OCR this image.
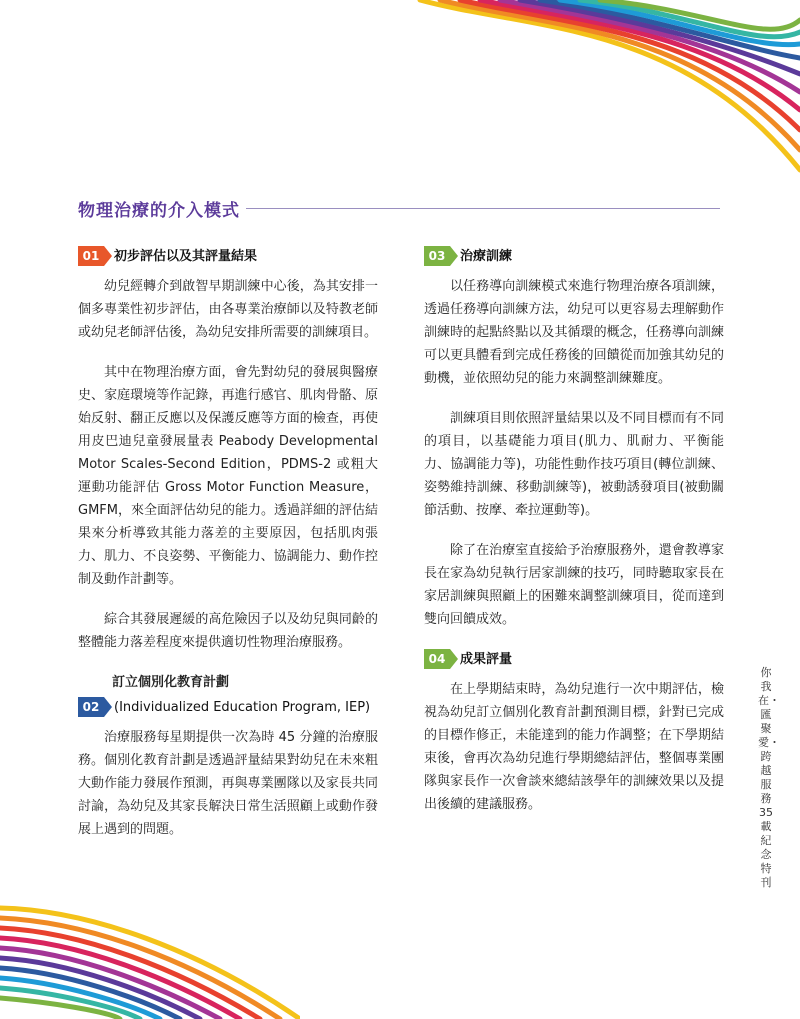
物理治療的介入模式
01	初步評估以及其評量結果

幼兒經轉介到啟智早期訓練中心後，為其安排一個多專業性初步評估，由各專業治療師以及特教老師或幼兒老師評估後，為幼兒安排所需要的訓練項目。

其中在物理治療方面，會先對幼兒的發展與醫療史、家庭環境等作記錄，再進行感官、肌肉骨骼、原始反射、翻正反應以及保護反應等方面的檢查，再使用皮巴迪兒童發展量表 Peabody Developmental Motor Scales-Second Edition，PDMS-2 或粗大運動功能評估 Gross Motor Function Measure，GMFM，來全面評估幼兒的能力。透過詳細的評估結果來分析導致其能力落差的主要原因，包括肌肉張力、肌力、不良姿勢、平衡能力、協調能力、動作控制及動作計劃等。

綜合其發展遲緩的高危險因子以及幼兒與同齡的整體能力落差程度來提供適切性物理治療服務。

訂立個別化教育計劃
02	(Individualized Education Program, IEP)

治療服務每星期提供一次為時 45 分鐘的治療服務。個別化教育計劃是透過評量結果對幼兒在未來粗大動作能力發展作預測，再與專業團隊以及家長共同討論，為幼兒及其家長解決日常生活照顧上或動作發展上遇到的問題。

03	治療訓練

以任務導向訓練模式來進行物理治療各項訓練，透過任務導向訓練方法，幼兒可以更容易去理解動作訓練時的起點終點以及其循環的概念，任務導向訓練可以更具體看到完成任務後的回饋從而加強其幼兒的動機，並依照幼兒的能力來調整訓練難度。

訓練項目則依照評量結果以及不同目標而有不同的項目，以基礎能力項目(肌力、肌耐力、平衡能力、協調能力等)，功能性動作技巧項目(轉位訓練、姿勢維持訓練、移動訓練等)，被動誘發項目(被動關節活動、按摩、牽拉運動等)。

除了在治療室直接給予治療服務外，還會教導家長在家為幼兒執行居家訓練的技巧，同時聽取家長在家居訓練與照顧上的困難來調整訓練項目，從而達到雙向回饋成效。

04	成果評量

在上學期結束時，為幼兒進行一次中期評估，檢視為幼兒訂立個別化教育計劃預測目標，針對已完成的目標作修正，未能達到的能力作調整；在下學期結束後，會再次為幼兒進行學期總結評估，整個專業團隊與家長作一次會談來總結該學年的訓練效果以及提出後續的建議服務。

你我在・匯聚愛・跨越服務35載紀念特刊
